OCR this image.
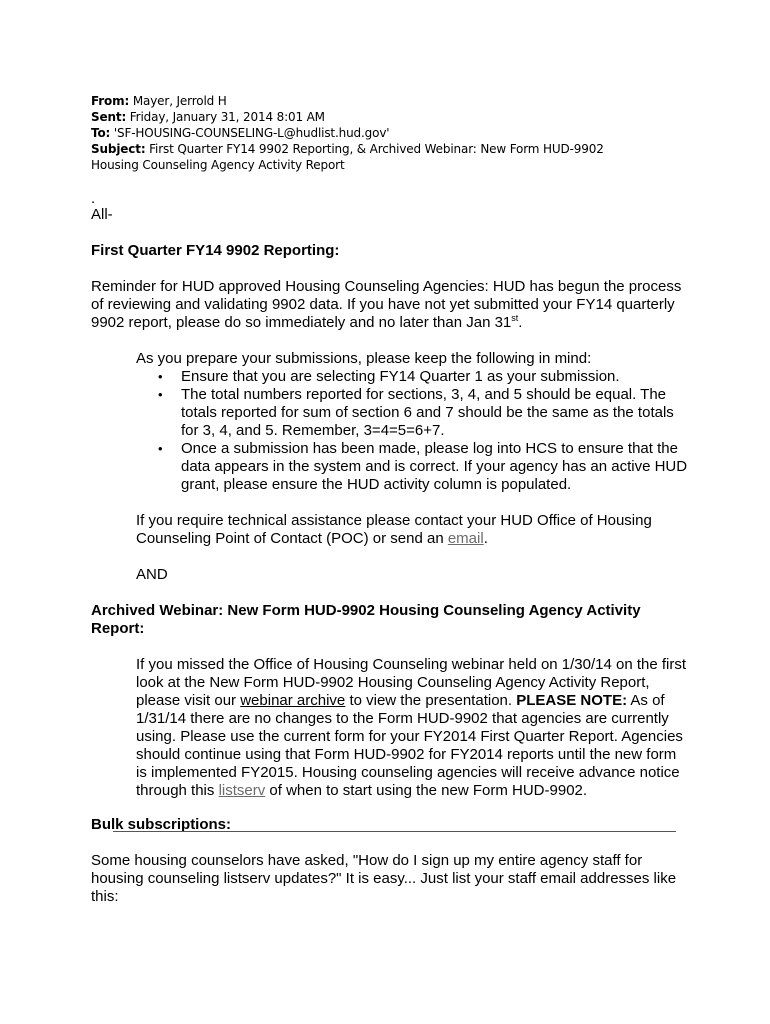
From: Mayer, Jerrold H
Sent: Friday, January 31, 2014 8:01 AM
To: 'SF-HOUSING-COUNSELING-L@hudlist.hud.gov'
Subject: First Quarter FY14 9902 Reporting, & Archived Webinar: New Form HUD-9902 Housing Counseling Agency Activity Report
.

All-

First Quarter FY14 9902 Reporting:

Reminder for HUD approved Housing Counseling Agencies: HUD has begun the process of reviewing and validating 9902 data. If you have not yet submitted your FY14 quarterly 9902 report, please do so immediately and no later than Jan 31st.

As you prepare your submissions, please keep the following in mind:

• Ensure that you are selecting FY14 Quarter 1 as your submission.
• The total numbers reported for sections, 3, 4, and 5 should be equal. The totals reported for sum of section 6 and 7 should be the same as the totals for 3, 4, and 5. Remember, 3=4=5=6+7.
• Once a submission has been made, please log into HCS to ensure that the data appears in the system and is correct. If your agency has an active HUD grant, please ensure the HUD activity column is populated.

If you require technical assistance please contact your HUD Office of Housing Counseling Point of Contact (POC) or send an email.

AND

Archived Webinar: New Form HUD-9902 Housing Counseling Agency Activity Report:

If you missed the Office of Housing Counseling webinar held on 1/30/14 on the first look at the New Form HUD-9902 Housing Counseling Agency Activity Report, please visit our webinar archive to view the presentation. PLEASE NOTE: As of 1/31/14 there are no changes to the Form HUD-9902 that agencies are currently using. Please use the current form for your FY2014 First Quarter Report. Agencies should continue using that Form HUD-9902 for FY2014 reports until the new form is implemented FY2015. Housing counseling agencies will receive advance notice through this listserv of when to start using the new Form HUD-9902.

Bulk subscriptions:

Some housing counselors have asked, "How do I sign up my entire agency staff for housing counseling listserv updates?" It is easy... Just list your staff email addresses like this:
